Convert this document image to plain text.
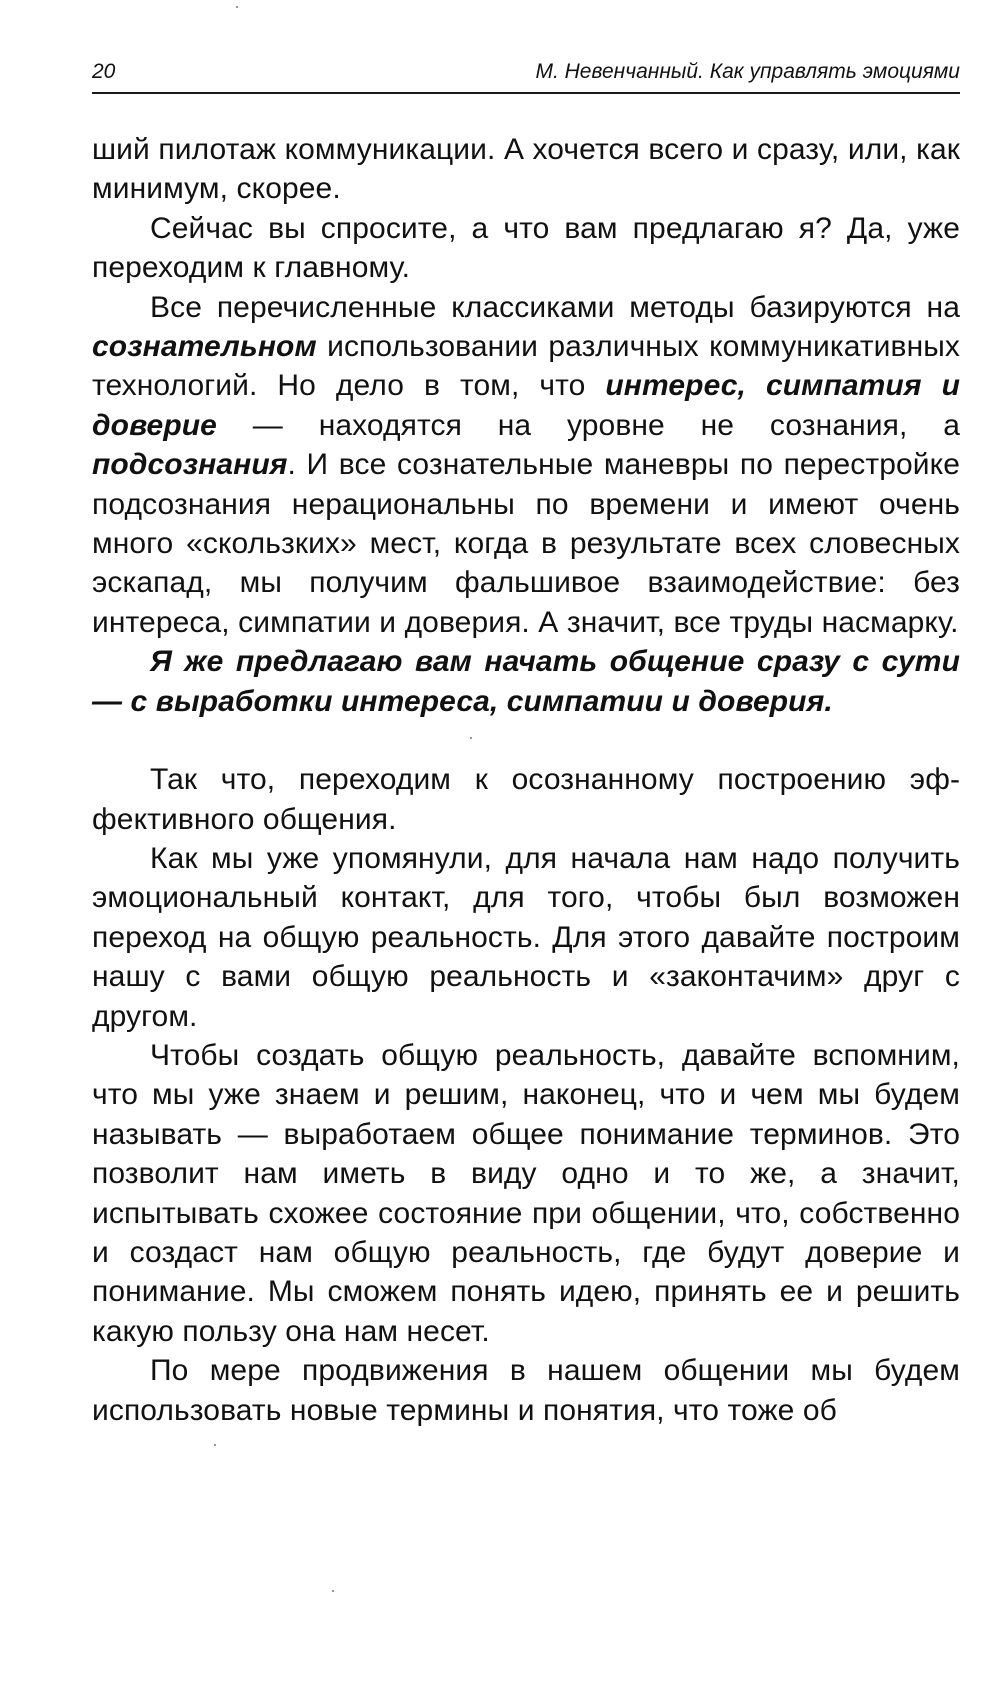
20	М. Невенчанный. Как управлять эмоциями

ший пилотаж коммуникации. А хочется всего и сразу, или, как минимум, скорее.

Сейчас вы спросите, а что вам предлагаю я? Да, уже переходим к главному.

Все перечисленные классиками методы базируются на сознательном использовании различных коммуникативных технологий. Но дело в том, что интерес, симпатия и доверие — находятся на уровне не сознания, а подсознания. И все сознательные маневры по перестройке подсознания нерациональны по времени и имеют очень много «скользких» мест, когда в результате всех словесных эскапад, мы получим фальшивое взаимодействие: без интереса, симпатии и доверия. А значит, все труды насмарку.

Я же предлагаю вам начать общение сразу с сути — с выработки интереса, симпатии и доверия.

Так что, переходим к осознанному построению эффективного общения.

Как мы уже упомянули, для начала нам надо получить эмоциональный контакт, для того, чтобы был возможен переход на общую реальность. Для этого давайте построим нашу с вами общую реальность и «законтачим» друг с другом.

Чтобы создать общую реальность, давайте вспомним, что мы уже знаем и решим, наконец, что и чем мы будем называть — выработаем общее понимание терминов. Это позволит нам иметь в виду одно и то же, а значит, испытывать схожее состояние при общении, что, собственно и создаст нам общую реальность, где будут доверие и понимание. Мы сможем понять идею, принять ее и решить какую пользу она нам несет.

По мере продвижения в нашем общении мы будем использовать новые термины и понятия, что тоже об
